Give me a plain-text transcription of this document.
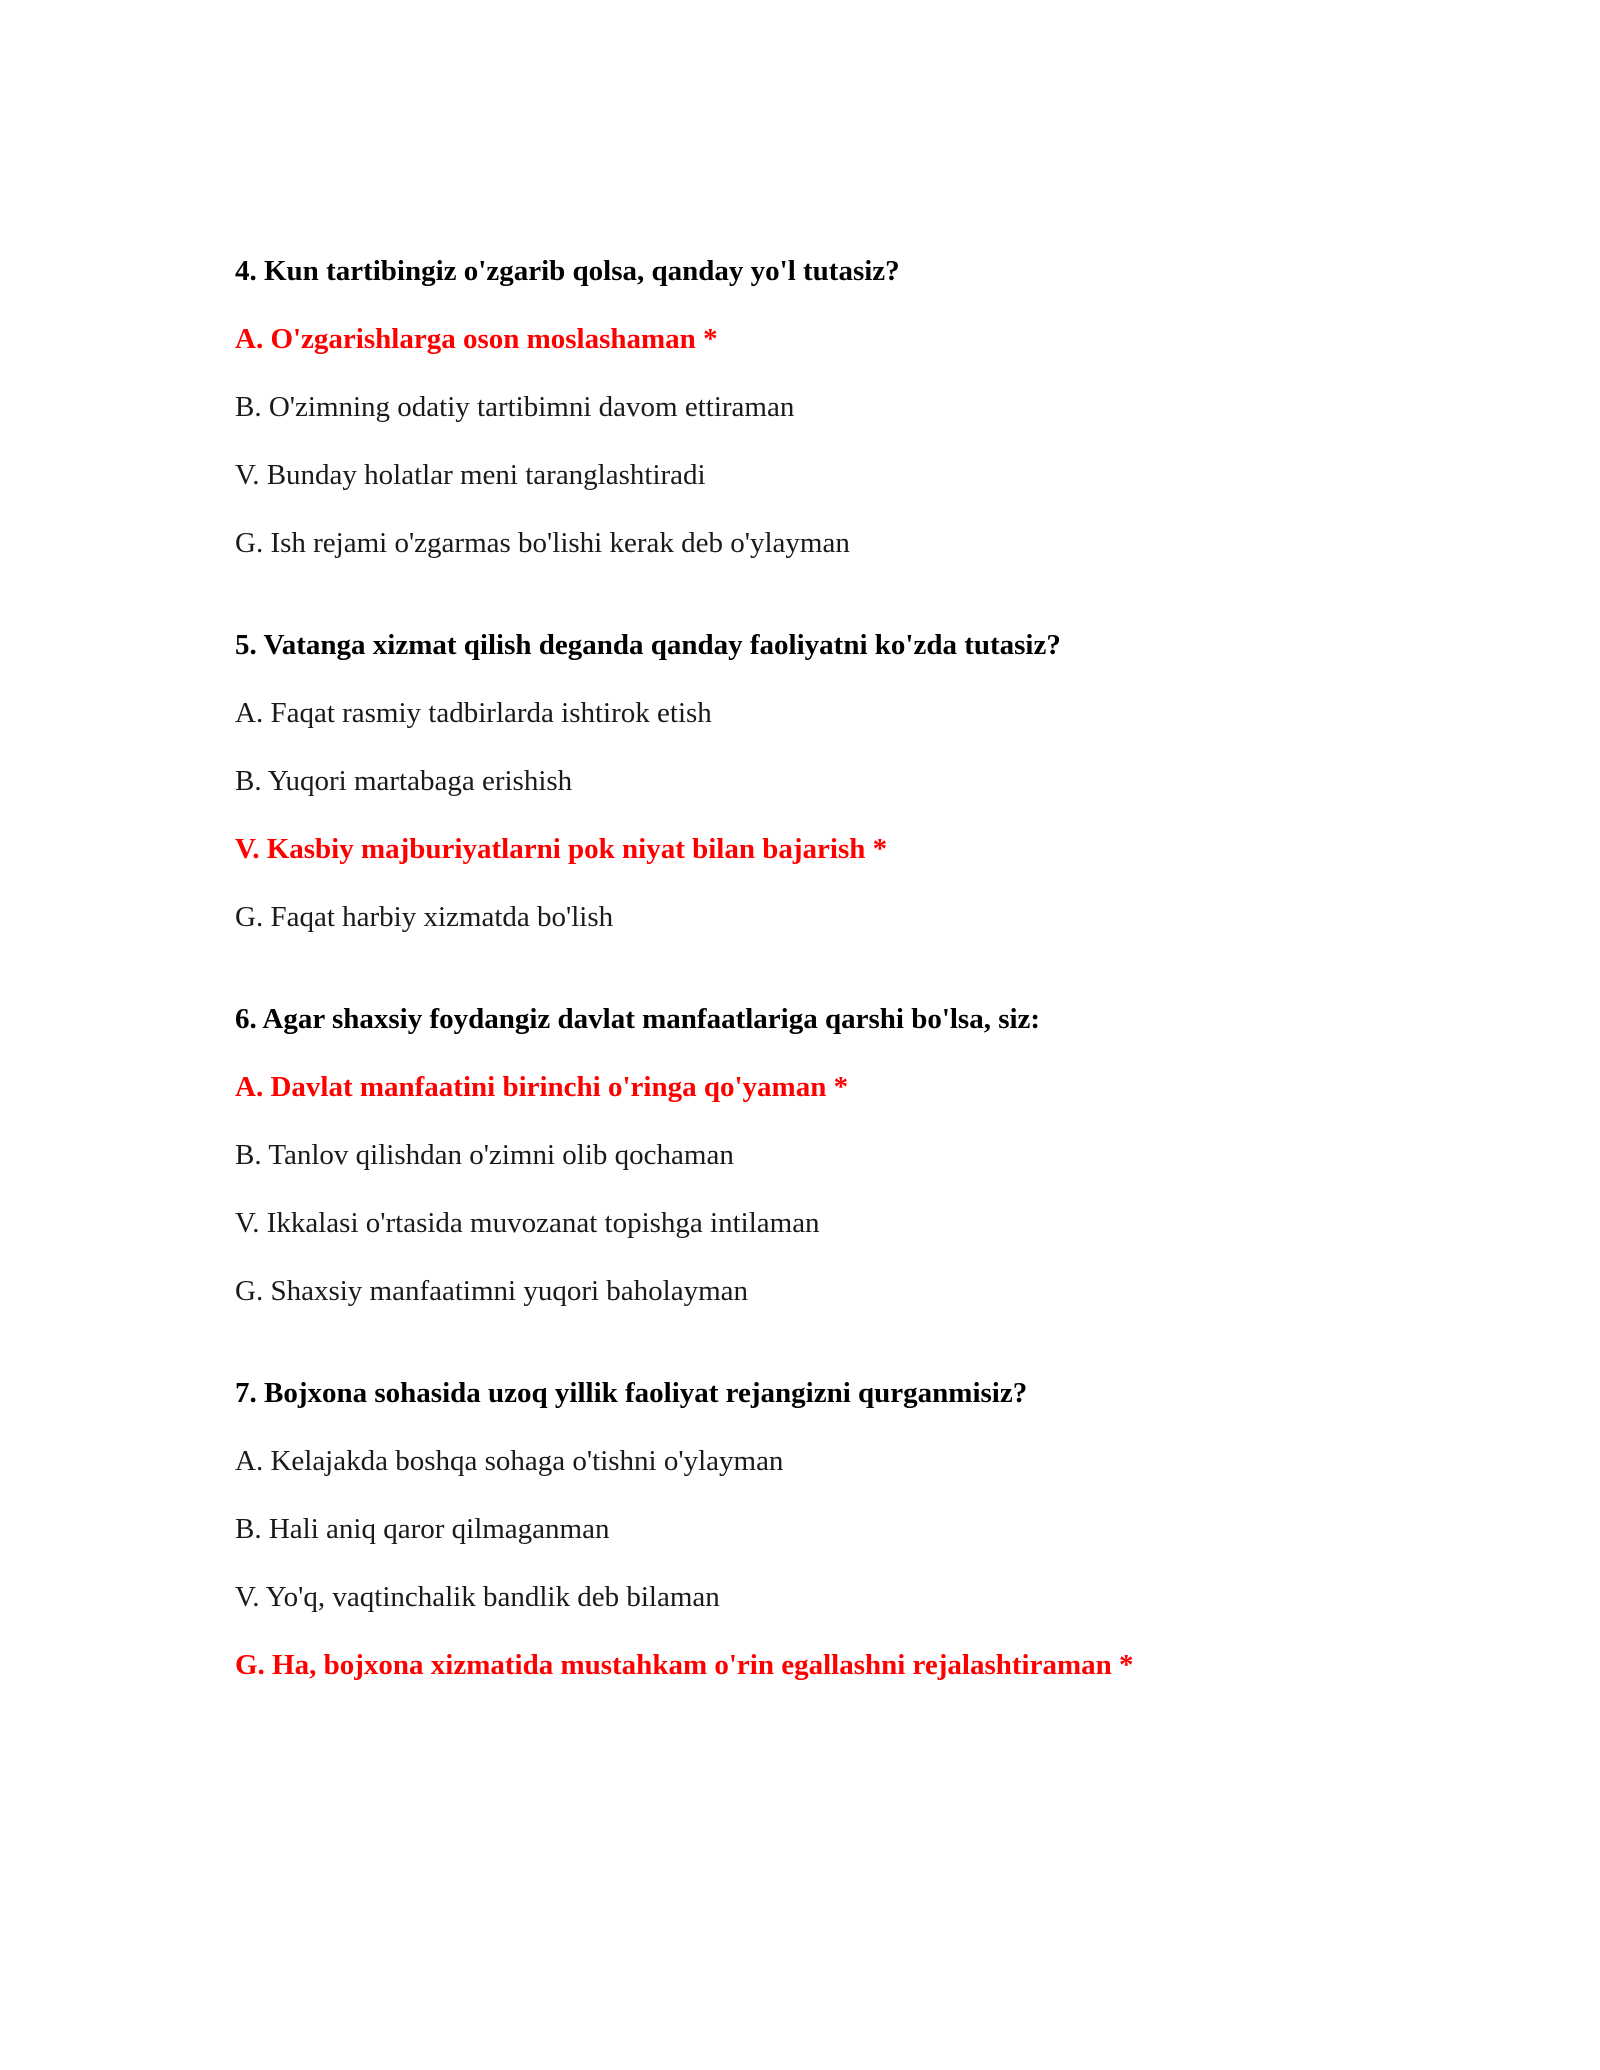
4. Kun tartibingiz o'zgarib qolsa, qanday yo'l tutasiz?
A. O'zgarishlarga oson moslashaman *
B. O'zimning odatiy tartibimni davom ettiraman
V. Bunday holatlar meni taranglashtiradi
G. Ish rejami o'zgarmas bo'lishi kerak deb o'ylayman
5. Vatanga xizmat qilish deganda qanday faoliyatni ko'zda tutasiz?
A. Faqat rasmiy tadbirlarda ishtirok etish
B. Yuqori martabaga erishish
V. Kasbiy majburiyatlarni pok niyat bilan bajarish *
G. Faqat harbiy xizmatda bo'lish
6. Agar shaxsiy foydangiz davlat manfaatlariga qarshi bo'lsa, siz:
A. Davlat manfaatini birinchi o'ringa qo'yaman *
B. Tanlov qilishdan o'zimni olib qochaman
V. Ikkalasi o'rtasida muvozanat topishga intilaman
G. Shaxsiy manfaatimni yuqori baholayman
7. Bojxona sohasida uzoq yillik faoliyat rejangizni qurganmisiz?
A. Kelajakda boshqa sohaga o'tishni o'ylayman
B. Hali aniq qaror qilmaganman
V. Yo'q, vaqtinchalik bandlik deb bilaman
G. Ha, bojxona xizmatida mustahkam o'rin egallashni rejalashtiraman *
